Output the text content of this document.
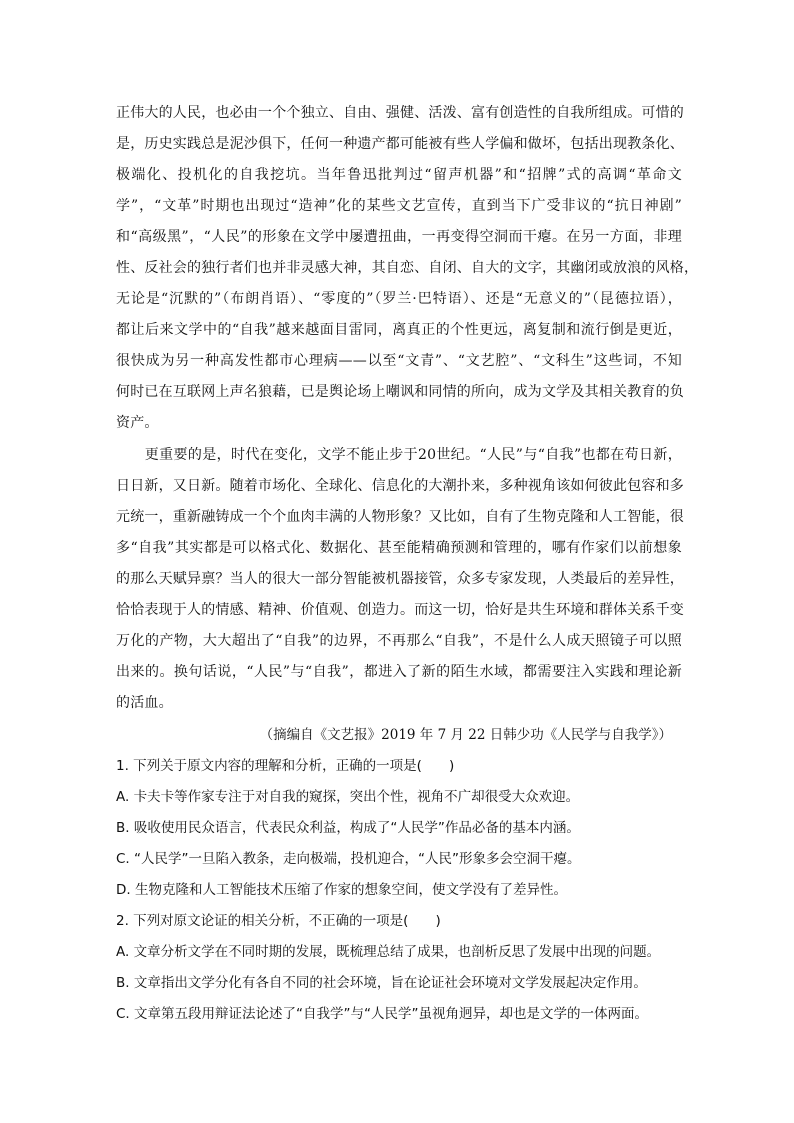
正伟大的人民，也必由一个个独立、自由、强健、活泼、富有创造性的自我所组成。可惜的
是，历史实践总是泥沙俱下，任何一种遗产都可能被有些人学偏和做坏，包括出现教条化、
极端化、投机化的自我挖坑。当年鲁迅批判过“留声机器”和“招牌”式的高调“革命文
学”，“文革”时期也出现过“造神”化的某些文艺宣传，直到当下广受非议的“抗日神剧”
和“高级黑”，“人民”的形象在文学中屡遭扭曲，一再变得空洞而干瘪。在另一方面，非理
性、反社会的独行者们也并非灵感大神，其自恋、自闭、自大的文字，其幽闭或放浪的风格，
无论是“沉默的”（布朗肖语）、“零度的”（罗兰·巴特语）、还是“无意义的”（昆德拉语），
都让后来文学中的“自我”越来越面目雷同，离真正的个性更远，离复制和流行倒是更近，
很快成为另一种高发性都市心理病——以至“文青”、“文艺腔”、“文科生”这些词，不知
何时已在互联网上声名狼藉，已是舆论场上嘲讽和同情的所向，成为文学及其相关教育的负
资产。
　　更重要的是，时代在变化，文学不能止步于20世纪。“人民”与“自我”也都在苟日新，
日日新，又日新。随着市场化、全球化、信息化的大潮扑来，多种视角该如何彼此包容和多
元统一，重新融铸成一个个血肉丰满的人物形象？又比如，自有了生物克隆和人工智能，很
多“自我”其实都是可以格式化、数据化、甚至能精确预测和管理的，哪有作家们以前想象
的那么天赋异禀？当人的很大一部分智能被机器接管，众多专家发现，人类最后的差异性，
恰恰表现于人的情感、精神、价值观、创造力。而这一切，恰好是共生环境和群体关系千变
万化的产物，大大超出了“自我”的边界，不再那么“自我”，不是什么人成天照镜子可以照
出来的。换句话说，“人民”与“自我”，都进入了新的陌生水域，都需要注入实践和理论新
的活血。
（摘编自《文艺报》2019 年 7 月 22 日韩少功《人民学与自我学》）
1. 下列关于原文内容的理解和分析，正确的一项是(　　)
A. 卡夫卡等作家专注于对自我的窥探，突出个性，视角不广却很受大众欢迎。
B. 吸收使用民众语言，代表民众利益，构成了“人民学”作品必备的基本内涵。
C. “人民学”一旦陷入教条，走向极端，投机迎合，“人民”形象多会空洞干瘪。
D. 生物克隆和人工智能技术压缩了作家的想象空间，使文学没有了差异性。
2. 下列对原文论证的相关分析，不正确的一项是(　　)
A. 文章分析文学在不同时期的发展，既梳理总结了成果，也剖析反思了发展中出现的问题。
B. 文章指出文学分化有各自不同的社会环境，旨在论证社会环境对文学发展起决定作用。
C. 文章第五段用辩证法论述了“自我学”与“人民学”虽视角迥异，却也是文学的一体两面。
